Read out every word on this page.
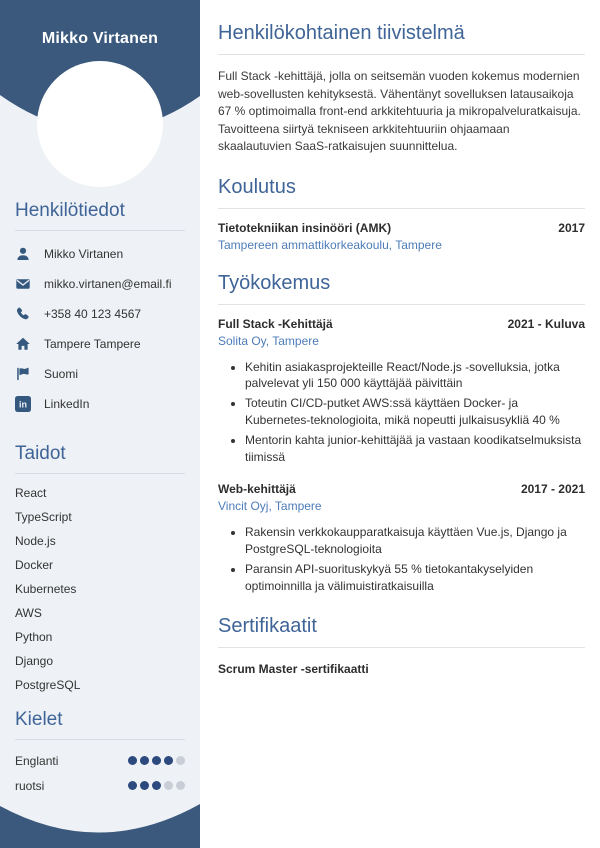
Mikko Virtanen
Henkilötiedot
Mikko Virtanen
mikko.virtanen@email.fi
+358 40 123 4567
Tampere Tampere
Suomi
in LinkedIn
Taidot
React
TypeScript
Node.js
Docker
Kubernetes
AWS
Python
Django
PostgreSQL
Kielet
Englanti
ruotsi
Henkilökohtainen tiivistelmä

Full Stack -kehittäjä, jolla on seitsemän vuoden kokemus modernien web-sovellusten kehityksestä. Vähentänyt sovelluksen latausaikoja 67 % optimoimalla front-end arkkitehtuuria ja mikropalveluratkaisuja. Tavoitteena siirtyä tekniseen arkkitehtuuriin ohjaamaan skaalautuvien SaaS-ratkaisujen suunnittelua.

Koulutus
Tietotekniikan insinööri (AMK)	2017
Tampereen ammattikorkeakoulu, Tampere
Työkokemus
Full Stack -Kehittäjä	2021 - Kuluva
Solita Oy, Tampere
• Kehitin asiakasprojekteille React/Node.js -sovelluksia, jotka palvelevat yli 150 000 käyttäjää päivittäin
• Toteutin CI/CD-putket AWS:ssä käyttäen Docker- ja Kubernetes-teknologioita, mikä nopeutti julkaisusykliä 40 %
• Mentorin kahta junior-kehittäjää ja vastaan koodikatselmuksista tiimissä
Web-kehittäjä	2017 - 2021
Vincit Oyj, Tampere
• Rakensin verkkokaupparatkaisuja käyttäen Vue.js, Django ja PostgreSQL-teknologioita
• Paransin API-suorituskykyä 55 % tietokantakyselyiden optimoinnilla ja välimuistiratkaisuilla
Sertifikaatit
Scrum Master -sertifikaatti
